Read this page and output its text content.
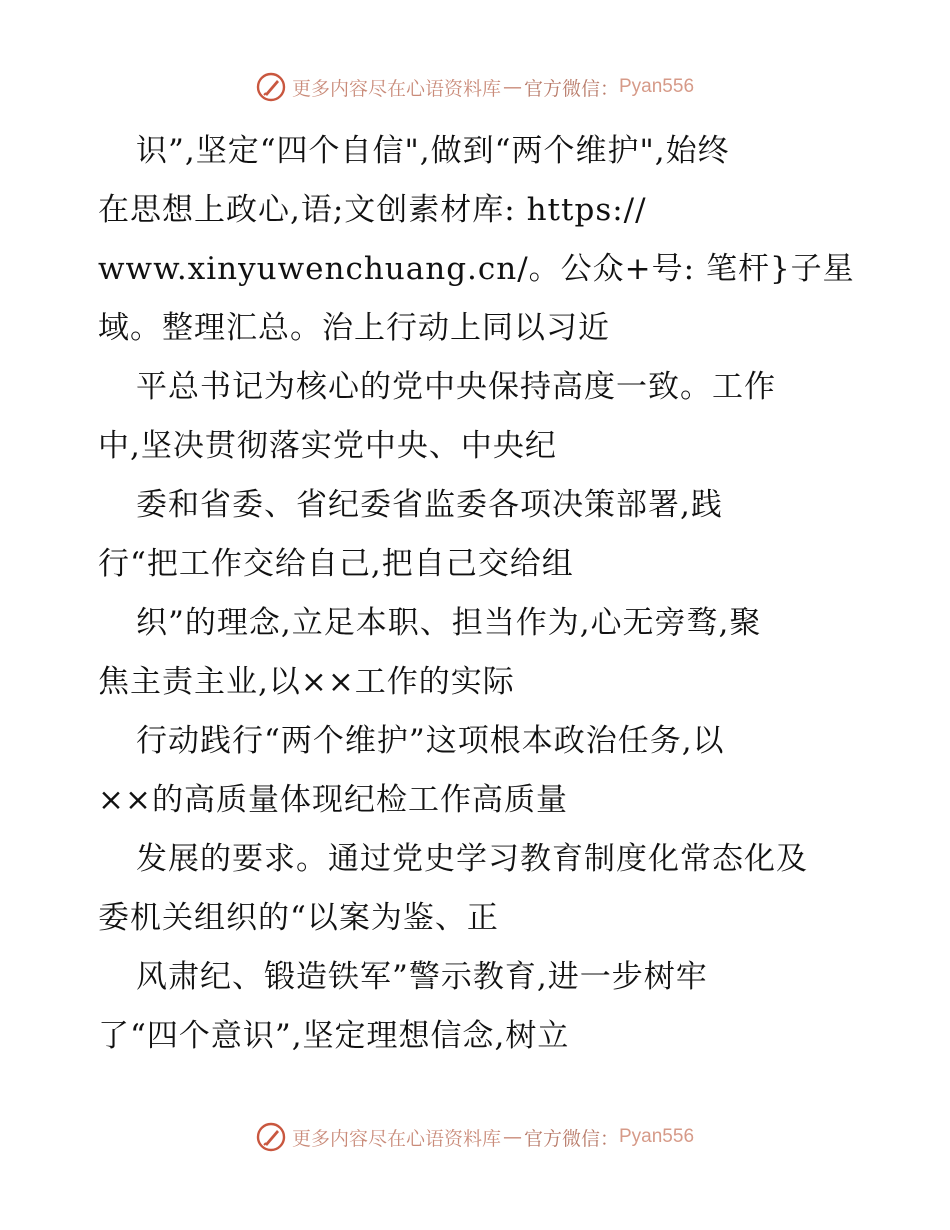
更多内容尽在心语资料库 — 官方微信： Pyan556
识”,坚定“四个自信",做到“两个维护",始终
在思想上政心,语;文创素材库: https://
www.xinyuwenchuang.cn/。公众+号: 笔杆}子星
域。整理汇总。治上行动上同以习近
平总书记为核心的党中央保持高度一致。工作
中,坚决贯彻落实党中央、中央纪
委和省委、省纪委省监委各项决策部署,践
行“把工作交给自己,把自己交给组
织”的理念,立足本职、担当作为,心无旁骛,聚
焦主责主业,以××工作的实际
行动践行“两个维护”这项根本政治任务,以
××的高质量体现纪检工作高质量
发展的要求。通过党史学习教育制度化常态化及
委机关组织的“以案为鉴、正
风肃纪、锻造铁军”警示教育,进一步树牢
了“四个意识”,坚定理想信念,树立
更多内容尽在心语资料库 — 官方微信： Pyan556
